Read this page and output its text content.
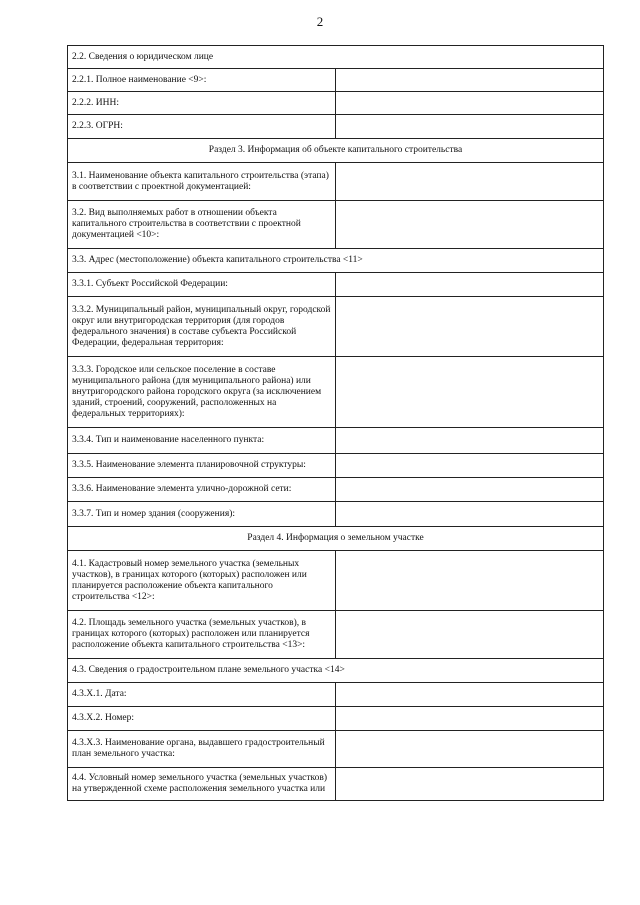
2
2.2. Сведения о юридическом лице	
2.2.1. Полное наименование <9>:	
2.2.2. ИНН:	
2.2.3. ОГРН:	
Раздел 3. Информация об объекте капитального строительства	
3.1. Наименование объекта капитального строительства (этапа) в соответствии с проектной документацией:	
3.2. Вид выполняемых работ в отношении объекта капитального строительства в соответствии с проектной документацией <10>:	
3.3. Адрес (местоположение) объекта капитального строительства <11>	
3.3.1. Субъект Российской Федерации:	
3.3.2. Муниципальный район, муниципальный округ, городской округ или внутригородская территория (для городов федерального значения) в составе субъекта Российской Федерации, федеральная территория:	
3.3.3. Городское или сельское поселение в составе муниципального района (для муниципального района) или внутригородского района городского округа (за исключением зданий, строений, сооружений, расположенных на федеральных территориях):	
3.3.4. Тип и наименование населенного пункта:	
3.3.5. Наименование элемента планировочной структуры:	
3.3.6. Наименование элемента улично-дорожной сети:	
3.3.7. Тип и номер здания (сооружения):	
Раздел 4. Информация о земельном участке	
4.1. Кадастровый номер земельного участка (земельных участков), в границах которого (которых) расположен или планируется расположение объекта капитального строительства <12>:	
4.2. Площадь земельного участка (земельных участков), в границах которого (которых) расположен или планируется расположение объекта капитального строительства <13>:	
4.3. Сведения о градостроительном плане земельного участка <14>	
4.3.Х.1. Дата:	
4.3.Х.2. Номер:	
4.3.Х.3. Наименование органа, выдавшего градостроительный план земельного участка:	
4.4. Условный номер земельного участка (земельных участков) на утвержденной схеме расположения земельного участка или	
